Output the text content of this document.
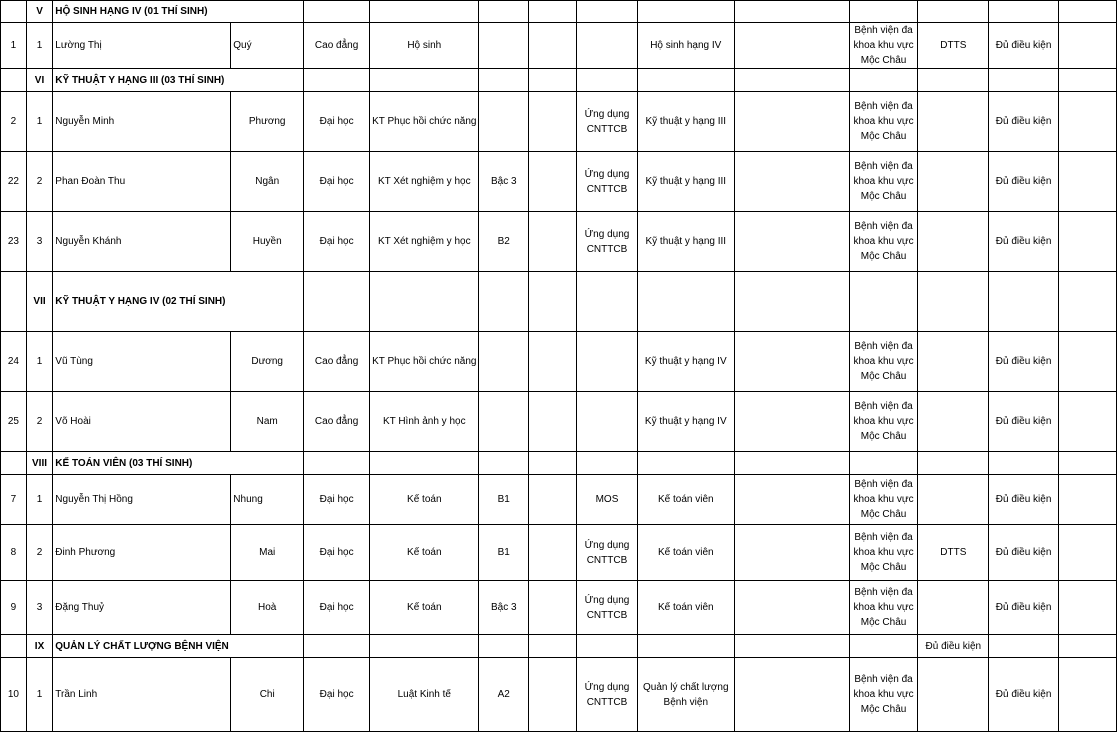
	V	HỘ SINH HẠNG IV (01 THÍ SINH)												
1	1	Lường Thị	Quý	Cao đẳng	Hộ sinh				Hộ sinh hạng IV		Bệnh viện đa khoa khu vực Mộc Châu	DTTS	Đủ điều kiện	
	VI	KỸ THUẬT Y HẠNG III (03 THÍ SINH)												
2	1	Nguyễn Minh	Phương	Đại học	KT Phục hồi chức năng			Ứng dụng CNTTCB	Kỹ thuật y hạng III		Bệnh viện đa khoa khu vực Mộc Châu		Đủ điều kiện	
22	2	Phan Đoàn Thu	Ngân	Đại học	KT Xét nghiệm y học	Bậc 3		Ứng dụng CNTTCB	Kỹ thuật y hạng III		Bệnh viện đa khoa khu vực Mộc Châu		Đủ điều kiện	
23	3	Nguyễn Khánh	Huyền	Đại học	KT Xét nghiệm y học	B2		Ứng dụng CNTTCB	Kỹ thuật y hạng III		Bệnh viện đa khoa khu vực Mộc Châu		Đủ điều kiện	
	VII	KỸ THUẬT Y HẠNG IV (02 THÍ SINH)												
24	1	Vũ Tùng	Dương	Cao đẳng	KT Phục hồi chức năng				Kỹ thuật y hạng IV		Bệnh viện đa khoa khu vực Mộc Châu		Đủ điều kiện	
25	2	Võ Hoài	Nam	Cao đẳng	KT Hình ảnh y học				Kỹ thuật y hạng IV		Bệnh viện đa khoa khu vực Mộc Châu		Đủ điều kiện	
	VIII	KẾ TOÁN VIÊN (03 THÍ SINH)												
7	1	Nguyễn Thị Hồng	Nhung	Đại học	Kế toán	B1		MOS	Kế toán viên		Bệnh viện đa khoa khu vực Mộc Châu		Đủ điều kiện	
8	2	Đinh Phương	Mai	Đại học	Kế toán	B1		Ứng dụng CNTTCB	Kế toán viên		Bệnh viện đa khoa khu vực Mộc Châu	DTTS	Đủ điều kiện	
9	3	Đặng Thuỷ	Hoà	Đại học	Kế toán	Bậc 3		Ứng dụng CNTTCB	Kế toán viên		Bệnh viện đa khoa khu vực Mộc Châu		Đủ điều kiện	
	IX	QUẢN LÝ CHẤT LƯỢNG BỆNH VIỆN										Đủ điều kiện		
10	1	Trần Linh	Chi	Đại học	Luật Kinh tế	A2		Ứng dụng CNTTCB	Quản lý chất lượng Bệnh viện		Bệnh viện đa khoa khu vực Mộc Châu		Đủ điều kiện	
